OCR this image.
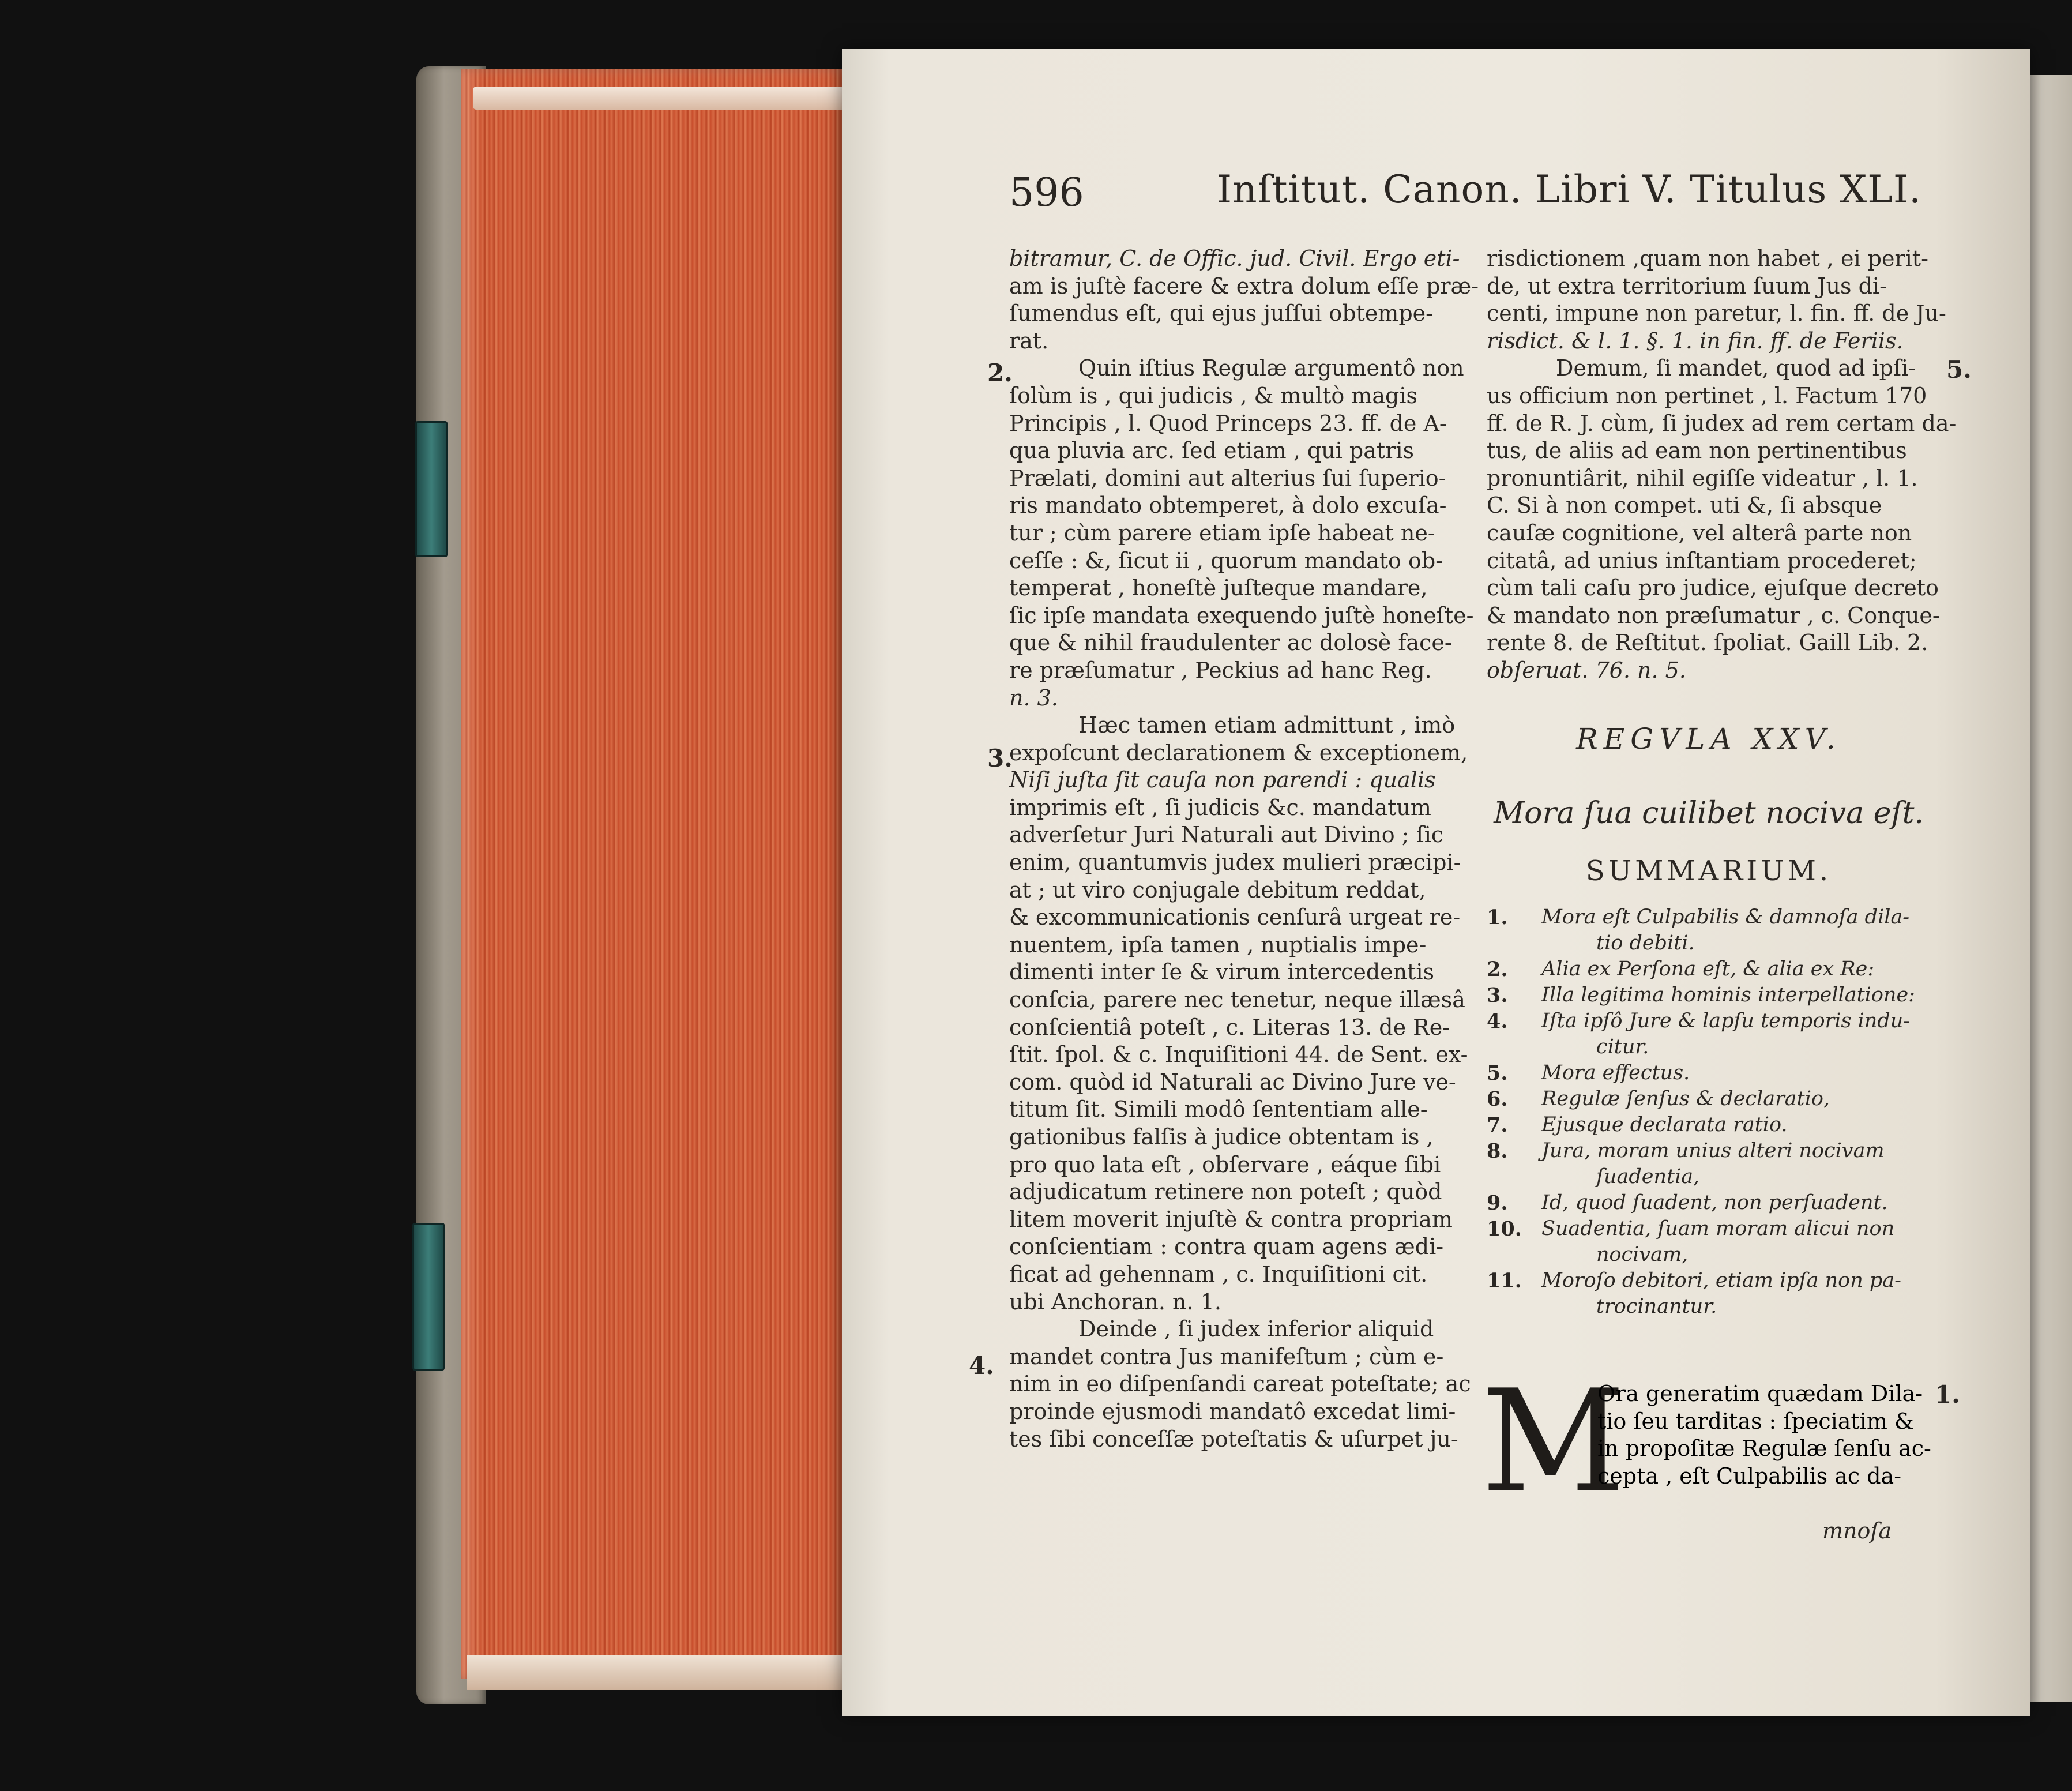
596	Inſtitut. Canon. Libri V. Titulus XLI.
bitramur, C. de Offic. jud. Civil. Ergo eti-
am is juſtè facere & extra dolum eſſe præ-
ſumendus eſt, qui ejus juſſui obtempe-
rat.
Quin iſtius Regulæ argumentô non
ſolùm is , qui judicis , & multò magis
Principis , l. Quod Princeps 23. ff. de A-
qua pluvia arc. ſed etiam , qui patris
Prælati, domini aut alterius ſui ſuperio-
ris mandato obtemperet, à dolo excuſa-
tur ; cùm parere etiam ipſe habeat ne-
ceſſe : &, ſicut ii , quorum mandato ob-
temperat , honeſtè juſteque mandare,
ſic ipſe mandata exequendo juſtè honeſte-
que & nihil fraudulenter ac dolosè face-
re præſumatur , Peckius ad hanc Reg.
n. 3.
Hæc tamen etiam admittunt , imò
expoſcunt declarationem & exceptionem,
Niſi juſta ſit cauſa non parendi : qualis
imprimis eſt , ſi judicis &c. mandatum
adverſetur Juri Naturali aut Divino ; ſic
enim, quantumvis judex mulieri præcipi-
at ; ut viro conjugale debitum reddat,
& excommunicationis cenſurâ urgeat re-
nuentem, ipſa tamen , nuptialis impe-
dimenti inter ſe & virum intercedentis
conſcia, parere nec tenetur, neque illæsâ
conſcientiâ poteſt , c. Literas 13. de Re-
ſtit. ſpol. & c. Inquiſitioni 44. de Sent. ex-
com. quòd id Naturali ac Divino Jure ve-
titum ſit. Simili modô ſententiam alle-
gationibus falſis à judice obtentam is ,
pro quo lata eſt , obſervare , eáque ſibi
adjudicatum retinere non poteſt ; quòd
litem moverit injuſtè & contra propriam
conſcientiam : contra quam agens ædi-
ficat ad gehennam , c. Inquiſitioni cit.
ubi Anchoran. n. 1.
Deinde , ſi judex inferior aliquid
mandet contra Jus manifeſtum ; cùm e-
nim in eo diſpenſandi careat poteſtate; ac
proinde ejusmodi mandatô excedat limi-
tes ſibi conceſſæ poteſtatis & uſurpet ju-
2.
3.
4.
risdictionem ,quam non habet , ei perit-
de, ut extra territorium ſuum Jus di-
centi, impune non paretur, l. fin. ff. de Ju-
risdict. & l. 1. §. 1. in fin. ff. de Feriis.
Demum, ſi mandet, quod ad ipſi-
us officium non pertinet , l. Factum 170
ff. de R. J. cùm, ſi judex ad rem certam da-
tus, de aliis ad eam non pertinentibus
pronuntiârit, nihil egiſſe videatur , l. 1.
C. Si à non compet. uti &, ſi absque
cauſæ cognitione, vel alterâ parte non
citatâ, ad unius inſtantiam procederet;
cùm tali caſu pro judice, ejuſque decreto
& mandato non præſumatur , c. Conque-
rente 8. de Reſtitut. ſpoliat. Gaill Lib. 2.
obſeruat. 76. n. 5.
5.
REGVLA XXV.
Mora ſua cuilibet nociva eſt.
SUMMARIUM.
1.	Mora eſt Culpabilis & damnoſa dila-
tio debiti.
2.	Alia ex Perſona eſt, & alia ex Re:
3.	Illa legitima hominis interpellatione:
4.	Iſta ipſô Jure & lapſu temporis indu-
citur.
5.	Mora effectus.
6.	Regulæ ſenſus & declaratio,
7.	Ejusque declarata ratio.
8.	Jura, moram unius alteri nocivam
ſuadentia,
9.	Id, quod ſuadent, non perſuadent.
10. Suadentia, ſuam moram alicui non
nocivam,
11. Moroſo debitori, etiam ipſa non pa-
trocinantur.
M
Ora generatim quædam Dila-
tio ſeu tarditas : ſpeciatim &
in propoſitæ Regulæ ſenſu ac-
cepta , eſt Culpabilis ac da-
1.
mnoſa
